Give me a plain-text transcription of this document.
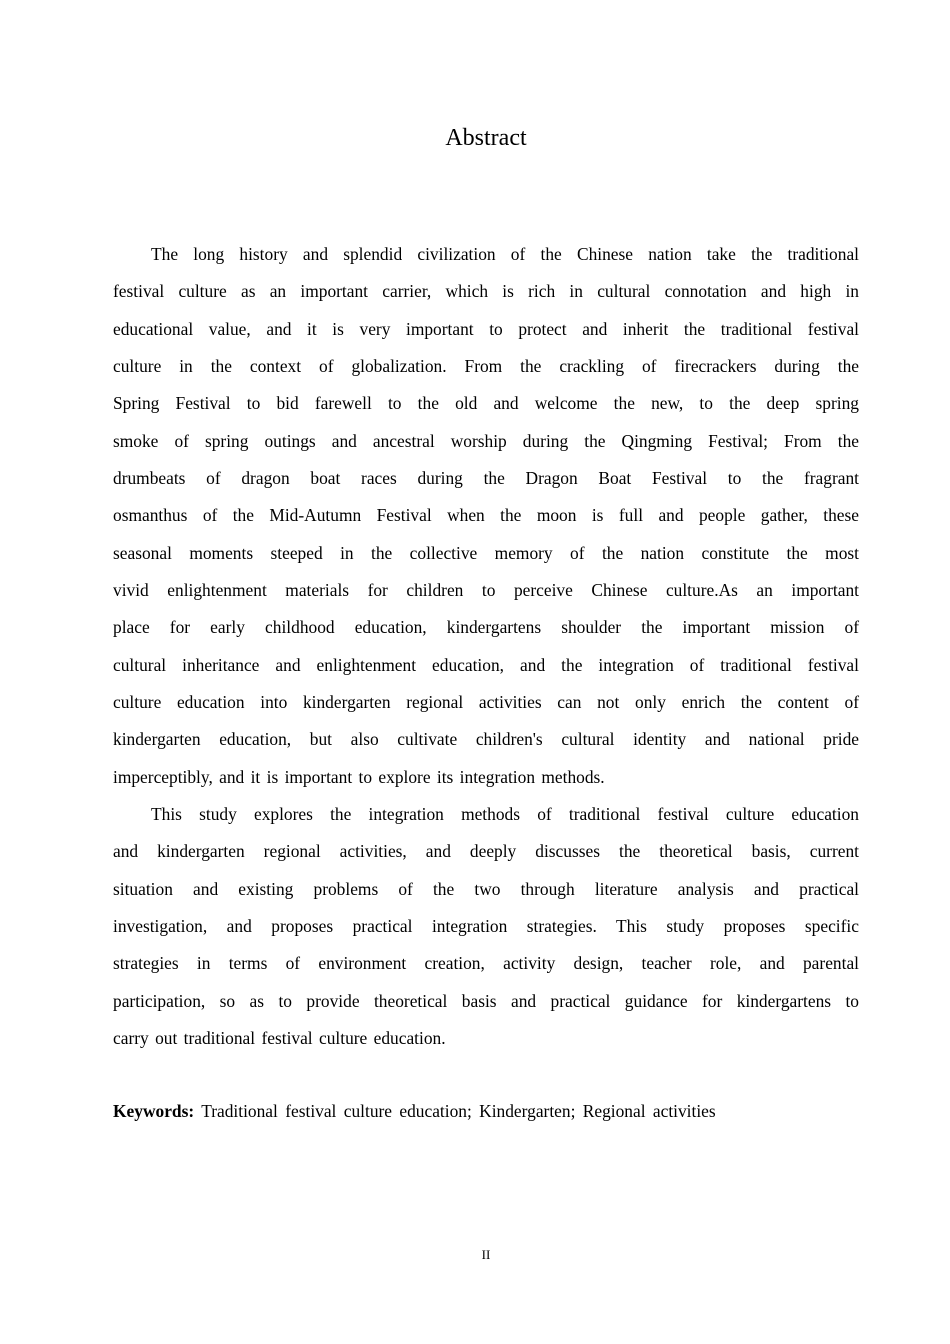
Abstract
The long history and splendid civilization of the Chinese nation take the traditional
festival culture as an important carrier, which is rich in cultural connotation and high in
educational value, and it is very important to protect and inherit the traditional festival
culture in the context of globalization. From the crackling of firecrackers during the
Spring Festival to bid farewell to the old and welcome the new, to the deep spring
smoke of spring outings and ancestral worship during the Qingming Festival; From the
drumbeats of dragon boat races during the Dragon Boat Festival to the fragrant
osmanthus of the Mid-Autumn Festival when the moon is full and people gather, these
seasonal moments steeped in the collective memory of the nation constitute the most
vivid enlightenment materials for children to perceive Chinese culture.As an important
place for early childhood education, kindergartens shoulder the important mission of
cultural inheritance and enlightenment education, and the integration of traditional festival
culture education into kindergarten regional activities can not only enrich the content of
kindergarten education, but also cultivate children's cultural identity and national pride
imperceptibly, and it is important to explore its integration methods.
This study explores the integration methods of traditional festival culture education
and kindergarten regional activities, and deeply discusses the theoretical basis, current
situation and existing problems of the two through literature analysis and practical
investigation, and proposes practical integration strategies. This study proposes specific
strategies in terms of environment creation, activity design, teacher role, and parental
participation, so as to provide theoretical basis and practical guidance for kindergartens to
carry out traditional festival culture education.
Keywords: Traditional festival culture education; Kindergarten; Regional activities
II
